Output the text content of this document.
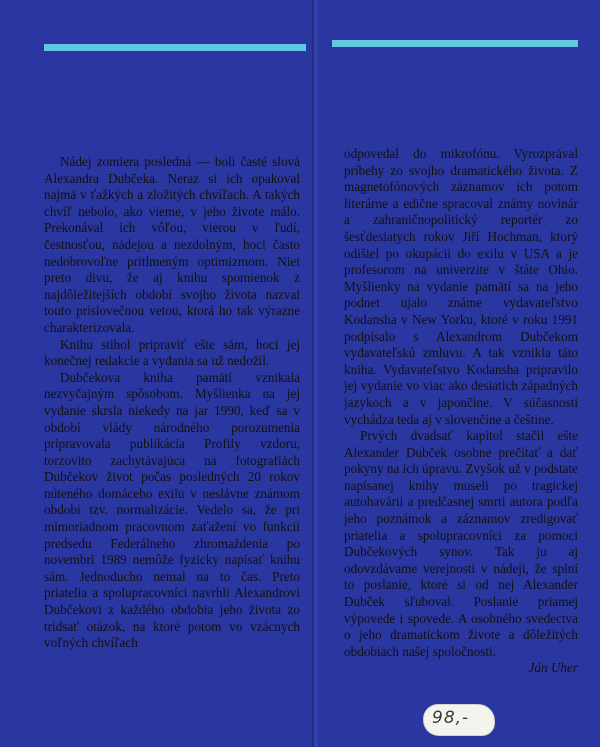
Nádej zomiera posledná — boli časté slová Alexandra Dubčeka. Neraz si ich opakoval najmä v ťažkých a zložitých chvíľach. A takých chvíľ nebolo, ako vieme, v jeho živote málo. Prekonával ich vôľou, vierou v ľudí, čestnosťou, nádejou a nezdolným, hoci často nedobrovoľne pritlmeným optimizmom. Niet preto divu, že aj knihu spomienok z najdôležitejších období svojho života nazval touto príslovečnou vetou, ktorá ho tak výrazne charakterizovala.

Knihu stihol pripraviť ešte sám, hoci jej konečnej redakcie a vydania sa už nedožil.

Dubčekova kniha pamätí vznikala nezvyčajným spôsobom. Myšlienka na jej vydanie skrsla niekedy na jar 1990, keď sa v období vlády národného porozumenia pripravovala publikácia Profily vzdoru, torzovito zachytávajúca na fotografiách Dubčekov život počas posledných 20 rokov núteného domáceho exilu v neslávne známom období tzv. normalizácie. Vedelo sa, že pri mimoriadnom pracovnom zaťažení vo funkcii predsedu Federálneho zhromaždenia po novembri 1989 nemôže fyzicky napísať knihu sám. Jednoducho nemal na to čas. Preto priatelia a spolupracovníci navrhli Alexandrovi Dubčekovi z každého obdobia jeho života zo tridsať otázok, na ktoré potom vo vzácnych voľných chvíľach

odpovedal do mikrofónu. Vyrozprával príbehy zo svojho dramatického života. Z magnetofónových záznamov ich potom literárne a edične spracoval známy novinár a zahraničnopolitický reportér zo šesťdesiatych rokov Jiří Hochman, ktorý odišiel po okupácii do exilu v USA a je profesorom na univerzite v štáte Ohio. Myšlienky na vydanie pamätí sa na jeho podnet ujalo známe vydavateľstvo Kodansha v New Yorku, ktoré v roku 1991 podpísalo s Alexandrom Dubčekom vydavateľskú zmluvu. A tak vznikla táto kniha. Vydavateľstvo Kodansha pripravilo jej vydanie vo viac ako desiatich západných jazykoch a v japončine. V súčasnosti vychádza teda aj v slovenčine a češtine.

Prvých dvadsať kapitol stačil ešte Alexander Dubček osobne prečítať a dať pokyny na ich úpravu. Zvyšok už v podstate napísanej knihy museli po tragickej autohavárii a predčasnej smrti autora podľa jeho poznámok a záznamov zredigovať priatelia a spolupracovníci za pomoci Dubčekových synov. Tak ju aj odovzdávame verejnosti v nádeji, že splní to poslanie, ktoré si od nej Alexander Dubček sľuboval. Poslanie priamej výpovede i spovede. A osobného svedectva o jeho dramatickom živote a dôležitých obdobiach našej spoločnosti.

Ján Uher
98,-
